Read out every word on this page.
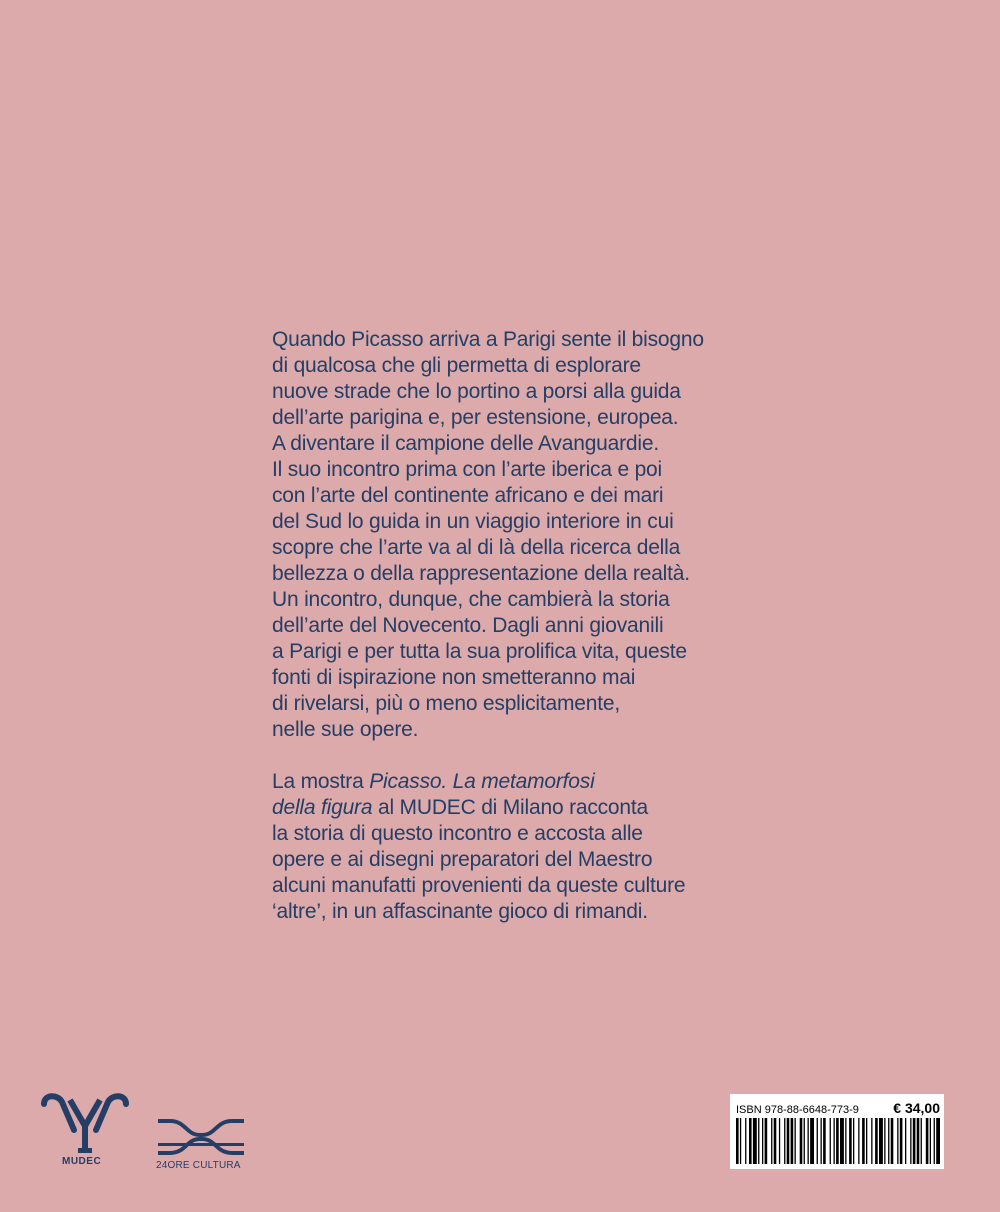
Quando Picasso arriva a Parigi sente il bisogno
di qualcosa che gli permetta di esplorare
nuove strade che lo portino a porsi alla guida
dell’arte parigina e, per estensione, europea.
A diventare il campione delle Avanguardie.
Il suo incontro prima con l’arte iberica e poi
con l’arte del continente africano e dei mari
del Sud lo guida in un viaggio interiore in cui
scopre che l’arte va al di là della ricerca della
bellezza o della rappresentazione della realtà.
Un incontro, dunque, che cambierà la storia
dell’arte del Novecento. Dagli anni giovanili
a Parigi e per tutta la sua prolifica vita, queste
fonti di ispirazione non smetteranno mai
di rivelarsi, più o meno esplicitamente,
nelle sue opere.

La mostra Picasso. La metamorfosi
della figura al MUDEC di Milano racconta
la storia di questo incontro e accosta alle
opere e ai disegni preparatori del Maestro
alcuni manufatti provenienti da queste culture
‘altre’, in un affascinante gioco di rimandi.

MUDEC	24ORE CULTURA
ISBN 978-88-6648-773-9 € 34,00
